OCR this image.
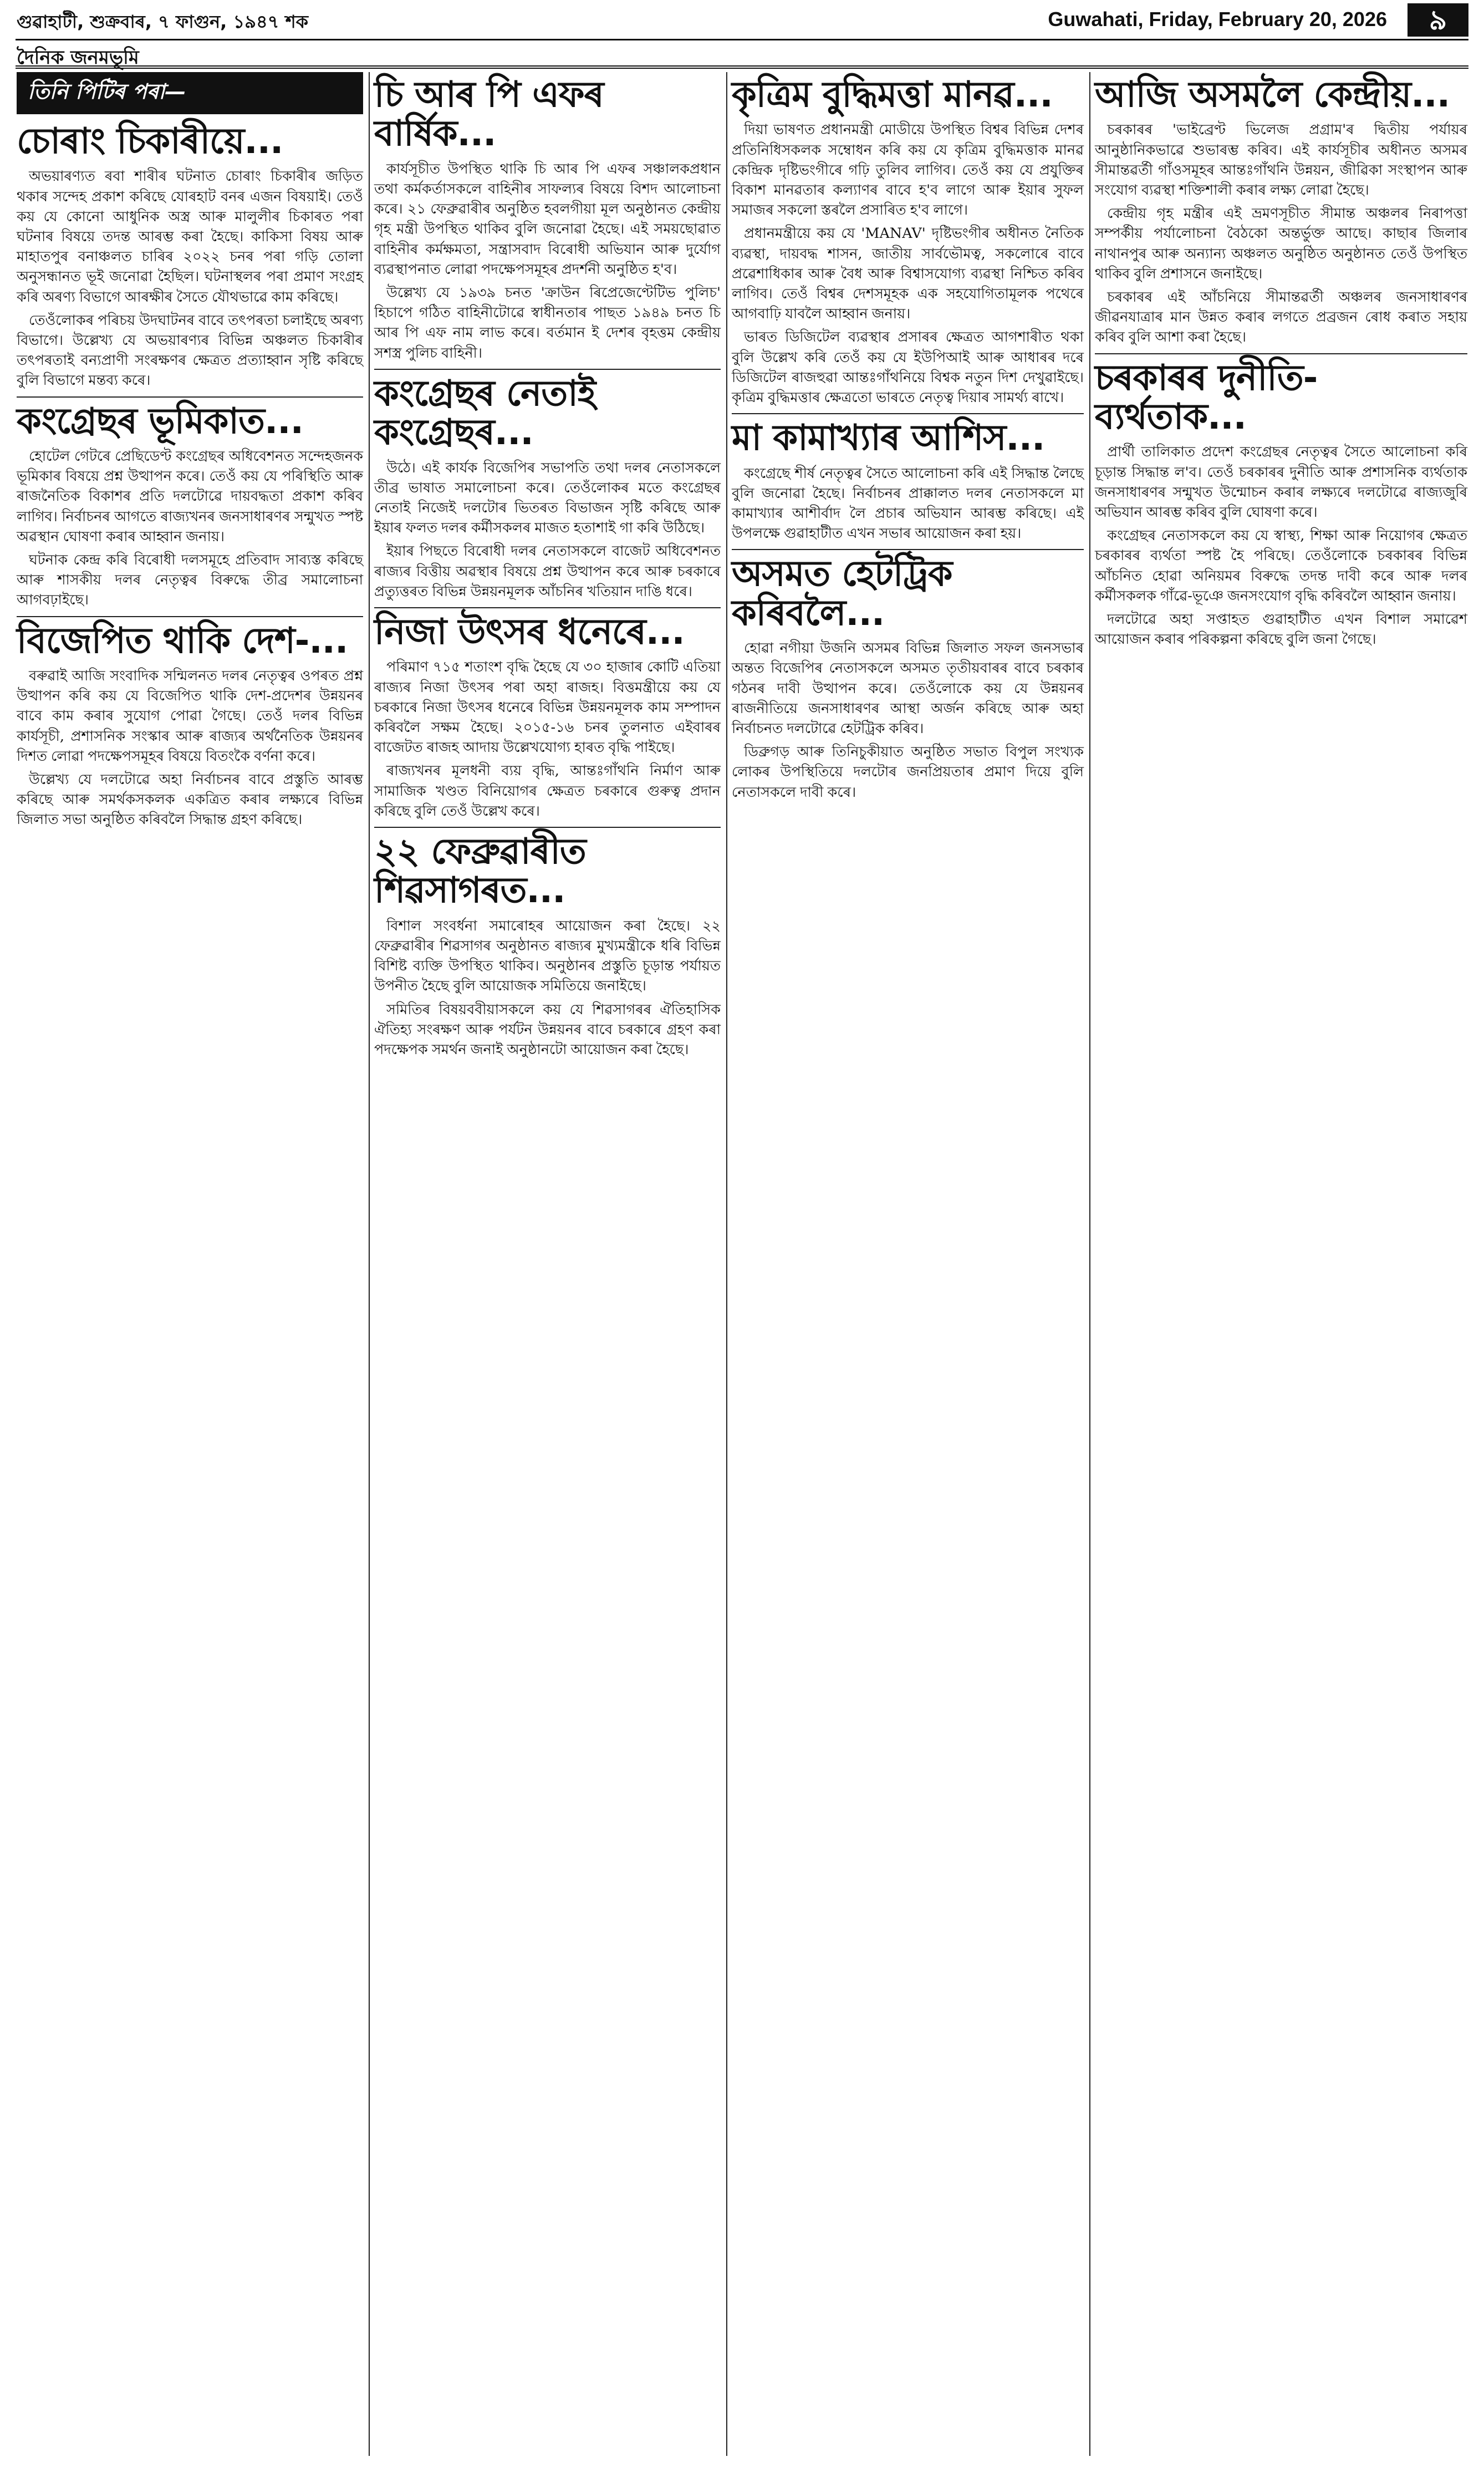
গুৱাহাটী, শুক্ৰবাৰ, ৭ ফাগুন, ১৯৪৭ শক	Guwahati, Friday, February 20, 2026	৯
দৈনিক জনমভূমি
তিনি পিটিৰ পৰা—
চোৰাং চিকাৰীয়ে...

অভয়াৰণ্যত ৰবা শাৰীৰ ঘটনাত চোৰাং চিকাৰীৰ জড়িত থকাৰ সন্দেহ প্ৰকাশ কৰিছে যোৰহাট বনৰ এজন বিষয়াই। তেওঁ কয় যে কোনো আধুনিক অস্ত্ৰ আৰু মালুলীৰ চিকাৰত পৰা ঘটনাৰ বিষয়ে তদন্ত আৰম্ভ কৰা হৈছে। কাকিসা বিষয় আৰু মাহাতপুৰ বনাঞ্চলত চাৰিৰ ২০২২ চনৰ পৰা গড়ি তোলা অনুসন্ধানত ভূই জনোৱা হৈছিল। ঘটনাস্থলৰ পৰা প্ৰমাণ সংগ্ৰহ কৰি অৰণ্য বিভাগে আৰক্ষীৰ সৈতে যৌথভাৱে কাম কৰিছে।

তেওঁলোকৰ পৰিচয় উদঘাটনৰ বাবে তৎপৰতা চলাইছে অৰণ্য বিভাগে। উল্লেখ্য যে অভয়াৰণ্যৰ বিভিন্ন অঞ্চলত চিকাৰীৰ তৎপৰতাই বন্যপ্ৰাণী সংৰক্ষণৰ ক্ষেত্ৰত প্ৰত্যাহ্বান সৃষ্টি কৰিছে বুলি বিভাগে মন্তব্য কৰে।

কংগ্ৰেছৰ ভূমিকাত...

হোটেল গেটৰে প্ৰেছিডেণ্ট কংগ্ৰেছৰ অধিবেশনত সন্দেহজনক ভূমিকাৰ বিষয়ে প্ৰশ্ন উত্থাপন কৰে। তেওঁ কয় যে পৰিস্থিতি আৰু ৰাজনৈতিক বিকাশৰ প্ৰতি দলটোৱে দায়বদ্ধতা প্ৰকাশ কৰিব লাগিব। নিৰ্বাচনৰ আগতে ৰাজ্যখনৰ জনসাধাৰণৰ সন্মুখত স্পষ্ট অৱস্থান ঘোষণা কৰাৰ আহ্বান জনায়।

ঘটনাক কেন্দ্ৰ কৰি বিৰোধী দলসমূহে প্ৰতিবাদ সাব্যস্ত কৰিছে আৰু শাসকীয় দলৰ নেতৃত্বৰ বিৰুদ্ধে তীব্ৰ সমালোচনা আগবঢ়াইছে।

বিজেপিত থাকি দেশ-...

বৰুৱাই আজি সংবাদিক সন্মিলনত দলৰ নেতৃত্বৰ ওপৰত প্ৰশ্ন উত্থাপন কৰি কয় যে বিজেপিত থাকি দেশ-প্ৰদেশৰ উন্নয়নৰ বাবে কাম কৰাৰ সুযোগ পোৱা গৈছে। তেওঁ দলৰ বিভিন্ন কাৰ্যসূচী, প্ৰশাসনিক সংস্কাৰ আৰু ৰাজ্যৰ অৰ্থনৈতিক উন্নয়নৰ দিশত লোৱা পদক্ষেপসমূহৰ বিষয়ে বিতংকৈ বৰ্ণনা কৰে।

উল্লেখ্য যে দলটোৱে অহা নিৰ্বাচনৰ বাবে প্ৰস্তুতি আৰম্ভ কৰিছে আৰু সমৰ্থকসকলক একত্ৰিত কৰাৰ লক্ষ্যৰে বিভিন্ন জিলাত সভা অনুষ্ঠিত কৰিবলৈ সিদ্ধান্ত গ্ৰহণ কৰিছে।

চি আৰ পি এফৰ বাৰ্ষিক...

কাৰ্যসূচীত উপস্থিত থাকি চি আৰ পি এফৰ সঞ্চালকপ্ৰধান তথা কৰ্মকৰ্তাসকলে বাহিনীৰ সাফল্যৰ বিষয়ে বিশদ আলোচনা কৰে। ২১ ফেব্ৰুৱাৰীৰ অনুষ্ঠিত হবলগীয়া মূল অনুষ্ঠানত কেন্দ্ৰীয় গৃহ মন্ত্ৰী উপস্থিত থাকিব বুলি জনোৱা হৈছে। এই সময়ছোৱাত বাহিনীৰ কৰ্মক্ষমতা, সন্ত্ৰাসবাদ বিৰোধী অভিযান আৰু দুৰ্যোগ ব্যৱস্থাপনাত লোৱা পদক্ষেপসমূহৰ প্ৰদৰ্শনী অনুষ্ঠিত হ'ব।

উল্লেখ্য যে ১৯৩৯ চনত 'ক্ৰাউন ৰিপ্ৰেজেণ্টেটিভ পুলিচ' হিচাপে গঠিত বাহিনীটোৱে স্বাধীনতাৰ পাছত ১৯৪৯ চনত চি আৰ পি এফ নাম লাভ কৰে। বৰ্তমান ই দেশৰ বৃহত্তম কেন্দ্ৰীয় সশস্ত্ৰ পুলিচ বাহিনী।

কংগ্ৰেছৰ নেতাই কংগ্ৰেছৰ...

উঠে। এই কাৰ্যক বিজেপিৰ সভাপতি তথা দলৰ নেতাসকলে তীব্ৰ ভাষাত সমালোচনা কৰে। তেওঁলোকৰ মতে কংগ্ৰেছৰ নেতাই নিজেই দলটোৰ ভিতৰত বিভাজন সৃষ্টি কৰিছে আৰু ইয়াৰ ফলত দলৰ কৰ্মীসকলৰ মাজত হতাশাই গা কৰি উঠিছে।

ইয়াৰ পিছতে বিৰোধী দলৰ নেতাসকলে বাজেট অধিবেশনত ৰাজ্যৰ বিত্তীয় অৱস্থাৰ বিষয়ে প্ৰশ্ন উত্থাপন কৰে আৰু চৰকাৰে প্ৰত্যুত্তৰত বিভিন্ন উন্নয়নমূলক আঁচনিৰ খতিয়ান দাঙি ধৰে।

নিজা উৎসৰ ধনেৰে...

পৰিমাণ ৭১৫ শতাংশ বৃদ্ধি হৈছে যে ৩০ হাজাৰ কোটি এতিয়া ৰাজ্যৰ নিজা উৎসৰ পৰা অহা ৰাজহ। বিত্তমন্ত্ৰীয়ে কয় যে চৰকাৰে নিজা উৎসৰ ধনেৰে বিভিন্ন উন্নয়নমূলক কাম সম্পাদন কৰিবলৈ সক্ষম হৈছে। ২০১৫-১৬ চনৰ তুলনাত এইবাৰৰ বাজেটত ৰাজহ আদায় উল্লেখযোগ্য হাৰত বৃদ্ধি পাইছে।

ৰাজ্যখনৰ মূলধনী ব্যয় বৃদ্ধি, আন্তঃগাঁথনি নিৰ্মাণ আৰু সামাজিক খণ্ডত বিনিয়োগৰ ক্ষেত্ৰত চৰকাৰে গুৰুত্ব প্ৰদান কৰিছে বুলি তেওঁ উল্লেখ কৰে।

২২ ফেব্ৰুৱাৰীত শিৱসাগৰত...

বিশাল সংবৰ্ধনা সমাৰোহৰ আয়োজন কৰা হৈছে। ২২ ফেব্ৰুৱাৰীৰ শিৱসাগৰ অনুষ্ঠানত ৰাজ্যৰ মুখ্যমন্ত্ৰীকে ধৰি বিভিন্ন বিশিষ্ট ব্যক্তি উপস্থিত থাকিব। অনুষ্ঠানৰ প্ৰস্তুতি চূড়ান্ত পৰ্যায়ত উপনীত হৈছে বুলি আয়োজক সমিতিয়ে জনাইছে।

সমিতিৰ বিষয়ববীয়াসকলে কয় যে শিৱসাগৰৰ ঐতিহাসিক ঐতিহ্য সংৰক্ষণ আৰু পৰ্যটন উন্নয়নৰ বাবে চৰকাৰে গ্ৰহণ কৰা পদক্ষেপক সমৰ্থন জনাই অনুষ্ঠানটো আয়োজন কৰা হৈছে।

কৃত্ৰিম বুদ্ধিমত্তা মানৱ...

দিয়া ভাষণত প্ৰধানমন্ত্ৰী মোডীয়ে উপস্থিত বিশ্বৰ বিভিন্ন দেশৰ প্ৰতিনিধিসকলক সম্বোধন কৰি কয় যে কৃত্ৰিম বুদ্ধিমত্তাক মানৱ কেন্দ্ৰিক দৃষ্টিভংগীৰে গঢ়ি তুলিব লাগিব। তেওঁ কয় যে প্ৰযুক্তিৰ বিকাশ মানৱতাৰ কল্যাণৰ বাবে হ'ব লাগে আৰু ইয়াৰ সুফল সমাজৰ সকলো স্তৰলৈ প্ৰসাৰিত হ'ব লাগে।

প্ৰধানমন্ত্ৰীয়ে কয় যে 'MANAV' দৃষ্টিভংগীৰ অধীনত নৈতিক ব্যৱস্থা, দায়বদ্ধ শাসন, জাতীয় সাৰ্বভৌমত্ব, সকলোৰে বাবে প্ৰৱেশাধিকাৰ আৰু বৈধ আৰু বিশ্বাসযোগ্য ব্যৱস্থা নিশ্চিত কৰিব লাগিব। তেওঁ বিশ্বৰ দেশসমূহক এক সহযোগিতামূলক পথেৰে আগবাঢ়ি যাবলৈ আহ্বান জনায়।

ভাৰত ডিজিটেল ব্যৱস্থাৰ প্ৰসাৰৰ ক্ষেত্ৰত আগশাৰীত থকা বুলি উল্লেখ কৰি তেওঁ কয় যে ইউপিআই আৰু আধাৰৰ দৰে ডিজিটেল ৰাজহুৱা আন্তঃগাঁথনিয়ে বিশ্বক নতুন দিশ দেখুৱাইছে। কৃত্ৰিম বুদ্ধিমত্তাৰ ক্ষেত্ৰতো ভাৰতে নেতৃত্ব দিয়াৰ সামৰ্থ্য ৰাখে।

মা কামাখ্যাৰ আশিস...

কংগ্ৰেছে শীৰ্ষ নেতৃত্বৰ সৈতে আলোচনা কৰি এই সিদ্ধান্ত লৈছে বুলি জনোৱা হৈছে। নিৰ্বাচনৰ প্ৰাক্কালত দলৰ নেতাসকলে মা কামাখ্যাৰ আশীৰ্বাদ লৈ প্ৰচাৰ অভিযান আৰম্ভ কৰিছে। এই উপলক্ষে গুৱাহাটীত এখন সভাৰ আয়োজন কৰা হয়।

অসমত হেটট্ৰিক কৰিবলৈ...

হোৱা নগীয়া উজনি অসমৰ বিভিন্ন জিলাত সফল জনসভাৰ অন্তত বিজেপিৰ নেতাসকলে অসমত তৃতীয়বাৰৰ বাবে চৰকাৰ গঠনৰ দাবী উত্থাপন কৰে। তেওঁলোকে কয় যে উন্নয়নৰ ৰাজনীতিয়ে জনসাধাৰণৰ আস্থা অৰ্জন কৰিছে আৰু অহা নিৰ্বাচনত দলটোৱে হেটট্ৰিক কৰিব।

ডিব্ৰুগড় আৰু তিনিচুকীয়াত অনুষ্ঠিত সভাত বিপুল সংখ্যক লোকৰ উপস্থিতিয়ে দলটোৰ জনপ্ৰিয়তাৰ প্ৰমাণ দিয়ে বুলি নেতাসকলে দাবী কৰে।

আজি অসমলৈ কেন্দ্ৰীয়...

চৰকাৰৰ 'ভাইব্ৰেণ্ট ভিলেজ প্ৰগ্ৰাম'ৰ দ্বিতীয় পৰ্যায়ৰ আনুষ্ঠানিকভাৱে শুভাৰম্ভ কৰিব। এই কাৰ্যসূচীৰ অধীনত অসমৰ সীমান্তৱৰ্তী গাঁওসমূহৰ আন্তঃগাঁথনি উন্নয়ন, জীৱিকা সংস্থাপন আৰু সংযোগ ব্যৱস্থা শক্তিশালী কৰাৰ লক্ষ্য লোৱা হৈছে।

কেন্দ্ৰীয় গৃহ মন্ত্ৰীৰ এই ভ্ৰমণসূচীত সীমান্ত অঞ্চলৰ নিৰাপত্তা সম্পৰ্কীয় পৰ্যালোচনা বৈঠকো অন্তৰ্ভুক্ত আছে। কাছাৰ জিলাৰ নাথানপুৰ আৰু অন্যান্য অঞ্চলত অনুষ্ঠিত অনুষ্ঠানত তেওঁ উপস্থিত থাকিব বুলি প্ৰশাসনে জনাইছে।

চৰকাৰৰ এই আঁচনিয়ে সীমান্তৱৰ্তী অঞ্চলৰ জনসাধাৰণৰ জীৱনযাত্ৰাৰ মান উন্নত কৰাৰ লগতে প্ৰব্ৰজন ৰোধ কৰাত সহায় কৰিব বুলি আশা কৰা হৈছে।

চৰকাৰৰ দুনীতি-ব্যৰ্থতাক...

প্ৰাৰ্থী তালিকাত প্ৰদেশ কংগ্ৰেছৰ নেতৃত্বৰ সৈতে আলোচনা কৰি চূড়ান্ত সিদ্ধান্ত ল'ব। তেওঁ চৰকাৰৰ দুনীতি আৰু প্ৰশাসনিক ব্যৰ্থতাক জনসাধাৰণৰ সন্মুখত উন্মোচন কৰাৰ লক্ষ্যৰে দলটোৱে ৰাজ্যজুৰি অভিযান আৰম্ভ কৰিব বুলি ঘোষণা কৰে।

কংগ্ৰেছৰ নেতাসকলে কয় যে স্বাস্থ্য, শিক্ষা আৰু নিয়োগৰ ক্ষেত্ৰত চৰকাৰৰ ব্যৰ্থতা স্পষ্ট হৈ পৰিছে। তেওঁলোকে চৰকাৰৰ বিভিন্ন আঁচনিত হোৱা অনিয়মৰ বিৰুদ্ধে তদন্ত দাবী কৰে আৰু দলৰ কৰ্মীসকলক গাঁৱে-ভূঞে জনসংযোগ বৃদ্ধি কৰিবলৈ আহ্বান জনায়।

দলটোৱে অহা সপ্তাহত গুৱাহাটীত এখন বিশাল সমাৱেশ আয়োজন কৰাৰ পৰিকল্পনা কৰিছে বুলি জনা গৈছে।
